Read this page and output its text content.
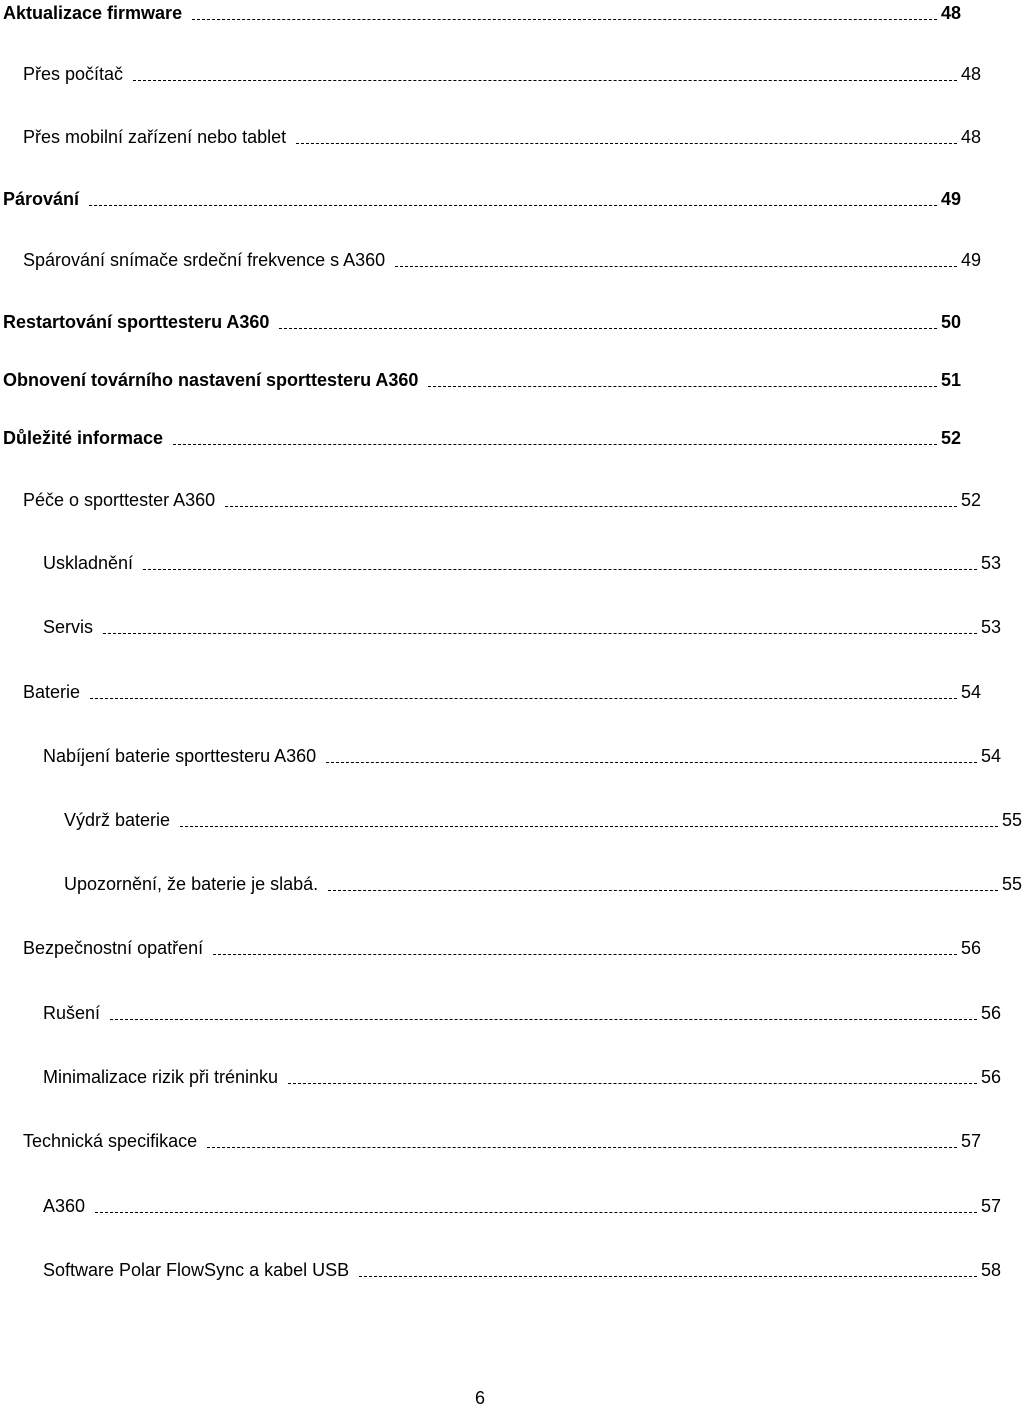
Aktualizace firmware	48
Přes počítač	48
Přes mobilní zařízení nebo tablet	48
Párování	49
Spárování snímače srdeční frekvence s A360	49
Restartování sporttesteru A360	50
Obnovení továrního nastavení sporttesteru A360	51
Důležité informace	52
Péče o sporttester A360	52
Uskladnění	53
Servis	53
Baterie	54
Nabíjení baterie sporttesteru A360	54
Výdrž baterie	55
Upozornění, že baterie je slabá.	55
Bezpečnostní opatření	56
Rušení	56
Minimalizace rizik při tréninku	56
Technická specifikace	57
A360	57
Software Polar FlowSync a kabel USB	58
6
